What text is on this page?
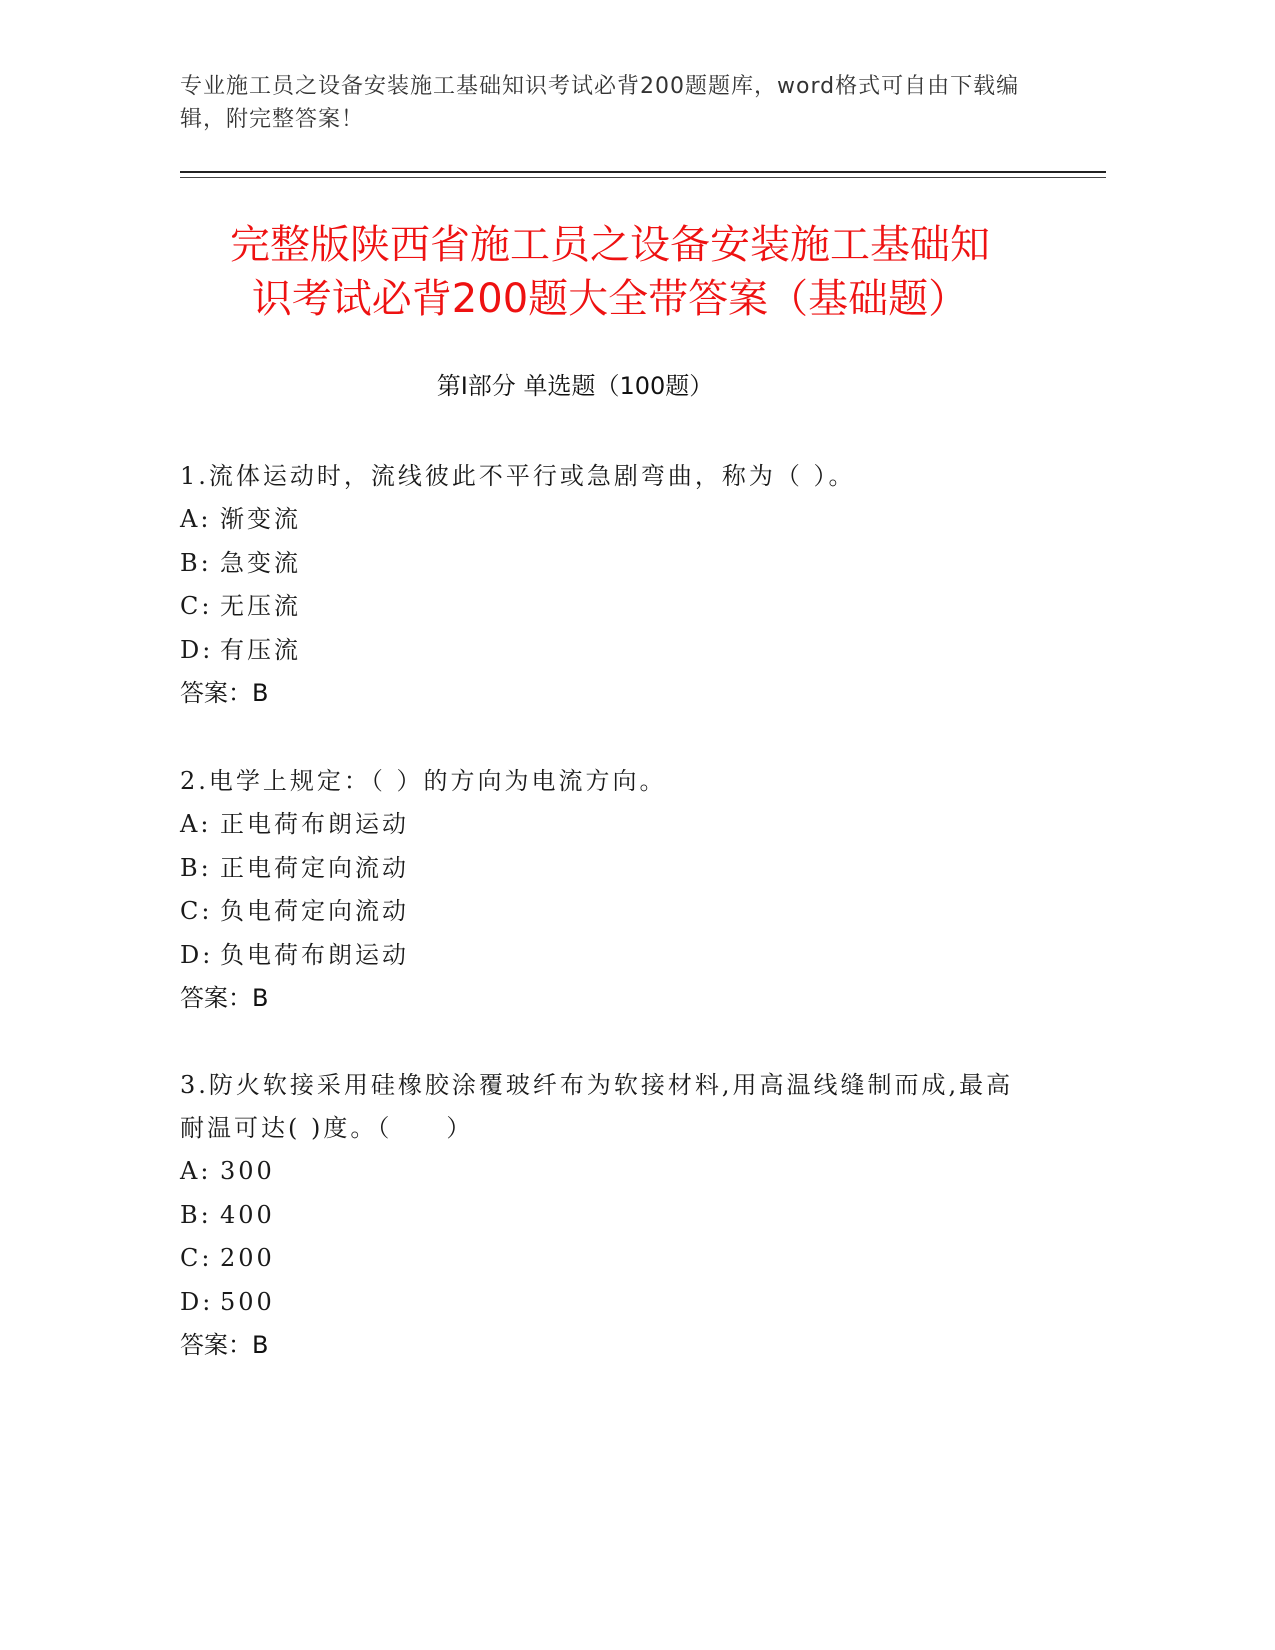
专业施工员之设备安装施工基础知识考试必背200题题库，word格式可自由下载编辑，附完整答案！
完整版陕西省施工员之设备安装施工基础知
识考试必背200题大全带答案（基础题）
第I部分 单选题（100题）
1.流体运动时，流线彼此不平行或急剧弯曲，称为（ ）。
A: 渐变流
B: 急变流
C: 无压流
D: 有压流
答案：B
2.电学上规定：（ ）的方向为电流方向。
A: 正电荷布朗运动
B: 正电荷定向流动
C: 负电荷定向流动
D: 负电荷布朗运动
答案：B
3.防火软接采用硅橡胶涂覆玻纤布为软接材料,用高温线缝制而成,最高耐温可达( )度。（　　）
A: 300
B: 400
C: 200
D: 500
答案：B
